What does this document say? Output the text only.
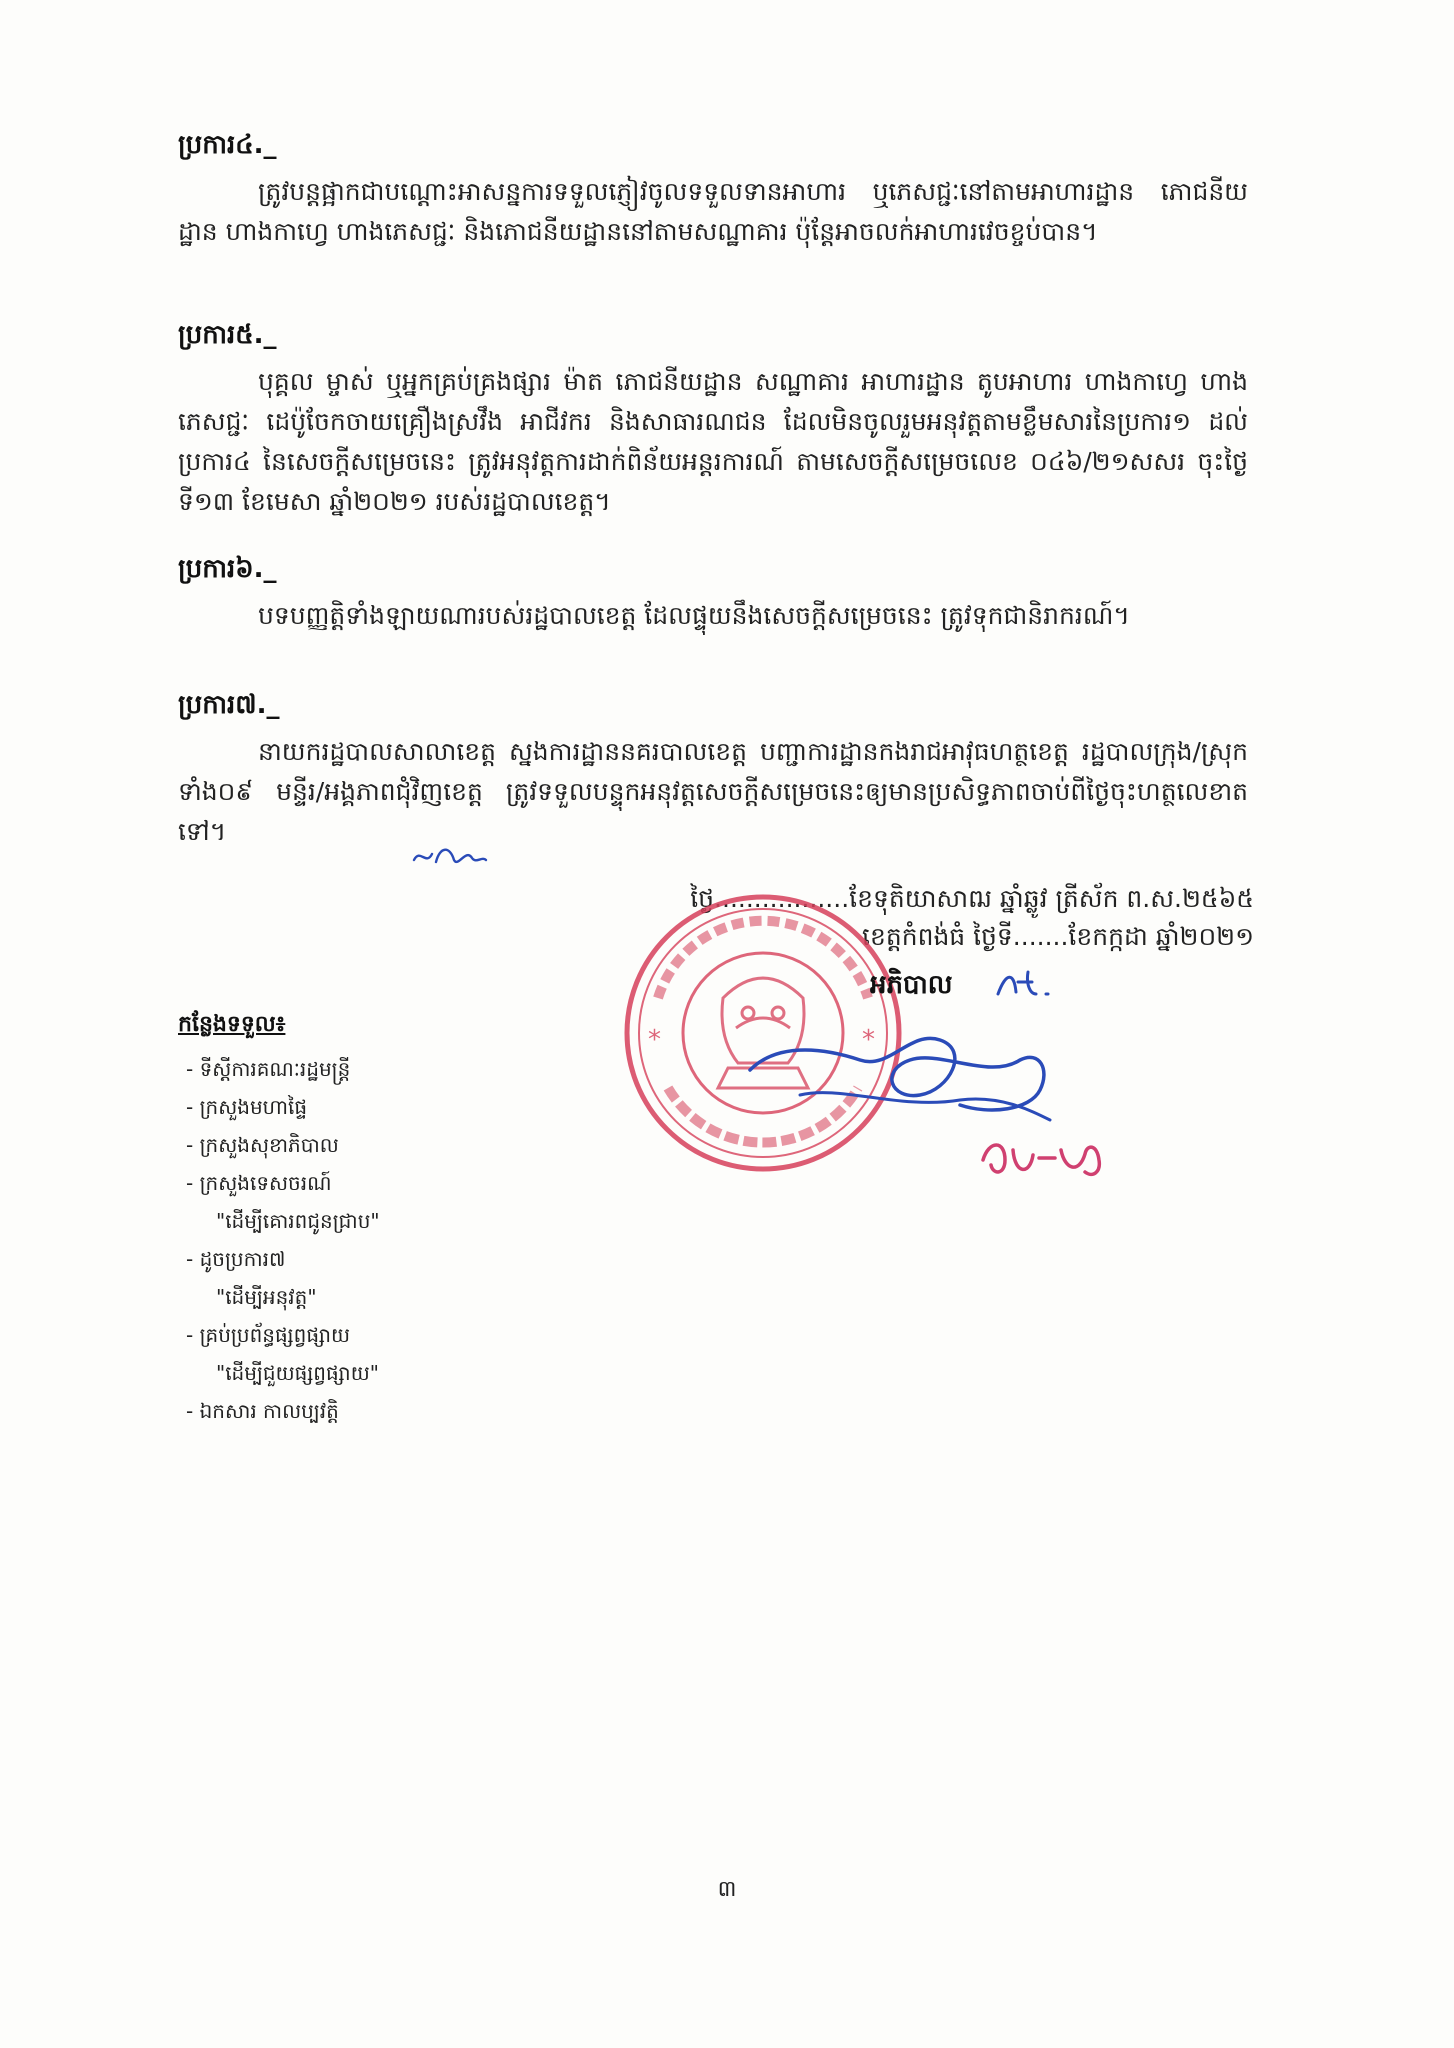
ប្រការ៤._
ត្រូវបន្តផ្អាកជាបណ្តោះអាសន្នការទទួលភ្ញៀវចូលទទួលទានអាហារ ឬភេសជ្ជៈនៅតាមអាហារដ្ឋាន ភោជនីយដ្ឋាន ហាងកាហ្វេ ហាងភេសជ្ជៈ និងភោជនីយដ្ឋាននៅតាមសណ្ឋាគារ ប៉ុន្តែអាចលក់អាហារវេចខ្ចប់បាន។
ប្រការ៥._
បុគ្គល ម្ចាស់ ឬអ្នកគ្រប់គ្រងផ្សារ ម៉ាត ភោជនីយដ្ឋាន សណ្ឋាគារ អាហារដ្ឋាន តូបអាហារ ហាងកាហ្វេ ហាងភេសជ្ជៈ ដេប៉ូចែកចាយគ្រឿងស្រវឹង អាជីវករ និងសាធារណជន ដែលមិនចូលរួមអនុវត្តតាមខ្លឹមសារនៃប្រការ១ ដល់ប្រការ៤ នៃសេចក្តីសម្រេចនេះ ត្រូវអនុវត្តការដាក់ពិន័យអន្តរការណ៍ តាមសេចក្តីសម្រេចលេខ ០៤៦/២១សសរ ចុះថ្ងៃ ទី១៣ ខែមេសា ឆ្នាំ២០២១ របស់រដ្ឋបាលខេត្ត។
ប្រការ៦._
បទបញ្ញត្តិទាំងឡាយណារបស់រដ្ឋបាលខេត្ត ដែលផ្ទុយនឹងសេចក្តីសម្រេចនេះ ត្រូវទុកជានិរាករណ៍។
ប្រការ៧._
នាយករដ្ឋបាលសាលាខេត្ត ស្នងការដ្ឋាននគរបាលខេត្ត បញ្ជាការដ្ឋានកងរាជអាវុធហត្ថខេត្ត រដ្ឋបាលក្រុង/ស្រុកទាំង០៩ មន្ទីរ/អង្គភាពជុំវិញខេត្ត ត្រូវទទួលបន្ទុកអនុវត្តសេចក្តីសម្រេចនេះឲ្យមានប្រសិទ្ធភាពចាប់ពីថ្ងៃចុះហត្ថលេខាតទៅ។
ថ្ងៃ.................ខែទុតិយាសាឍ ឆ្នាំឆ្លូវ ត្រីស័ក ព.ស.២៥៦៥
ខេត្តកំពង់ធំ ថ្ងៃទី.......ខែកក្កដា ឆ្នាំ២០២១
*	*
អភិបាល
កន្លែងទទួល៖
- ទីស្តីការគណៈរដ្ឋមន្ត្រី
- ក្រសួងមហាផ្ទៃ
- ក្រសួងសុខាភិបាល
- ក្រសួងទេសចរណ៍
"ដើម្បីគោរពជូនជ្រាប"
- ដូចប្រការ៧
"ដើម្បីអនុវត្ត"
- គ្រប់ប្រព័ន្ធផ្សព្វផ្សាយ
"ដើម្បីជួយផ្សព្វផ្សាយ"
- ឯកសារ កាលប្បវត្តិ
៣
